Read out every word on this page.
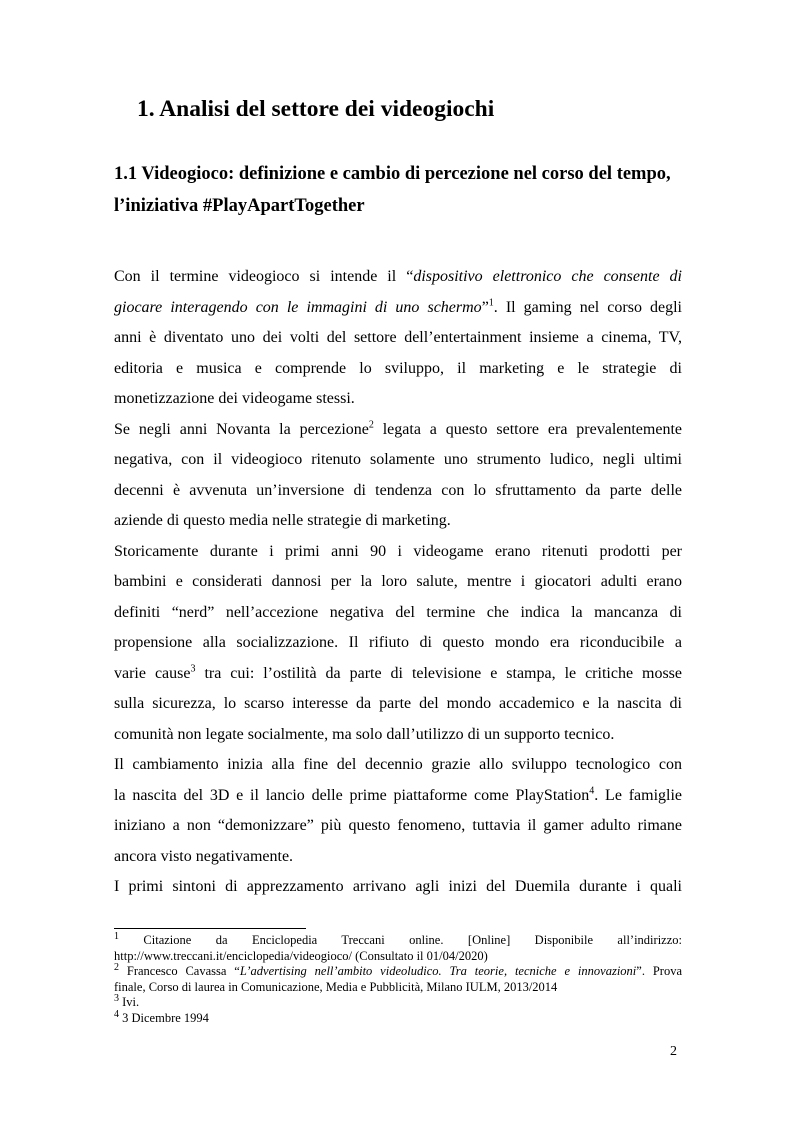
1. Analisi del settore dei videogiochi
1.1 Videogioco: definizione e cambio di percezione nel corso del tempo,
l’iniziativa #PlayApartTogether
Con il termine videogioco si intende il “dispositivo elettronico che consente di
giocare interagendo con le immagini di uno schermo”$^1$. Il gaming nel corso degli
anni è diventato uno dei volti del settore dell’entertainment insieme a cinema, TV,
editoria e musica e comprende lo sviluppo, il marketing e le strategie di
monetizzazione dei videogame stessi.
Se negli anni Novanta la percezione$^2$ legata a questo settore era prevalentemente
negativa, con il videogioco ritenuto solamente uno strumento ludico, negli ultimi
decenni è avvenuta un’inversione di tendenza con lo sfruttamento da parte delle
aziende di questo media nelle strategie di marketing.
Storicamente durante i primi anni 90 i videogame erano ritenuti prodotti per
bambini e considerati dannosi per la loro salute, mentre i giocatori adulti erano
definiti “nerd” nell’accezione negativa del termine che indica la mancanza di
propensione alla socializzazione. Il rifiuto di questo mondo era riconducibile a
varie cause$^3$ tra cui: l’ostilità da parte di televisione e stampa, le critiche mosse
sulla sicurezza, lo scarso interesse da parte del mondo accademico e la nascita di
comunità non legate socialmente, ma solo dall’utilizzo di un supporto tecnico.
Il cambiamento inizia alla fine del decennio grazie allo sviluppo tecnologico con
la nascita del 3D e il lancio delle prime piattaforme come PlayStation$^4$. Le famiglie
iniziano a non “demonizzare” più questo fenomeno, tuttavia il gamer adulto rimane
ancora visto negativamente.
I primi sintoni di apprezzamento arrivano agli inizi del Duemila durante i quali
$^1$ Citazione da Enciclopedia Treccani online. [Online] Disponibile all’indirizzo:
http://www.treccani.it/enciclopedia/videogioco/ (Consultato il 01/04/2020)
$^2$ Francesco Cavassa “L’advertising nell’ambito videoludico. Tra teorie, tecniche e innovazioni”. Prova
finale, Corso di laurea in Comunicazione, Media e Pubblicità, Milano IULM, 2013/2014
$^3$ Ivi.
$^4$ 3 Dicembre 1994
2
